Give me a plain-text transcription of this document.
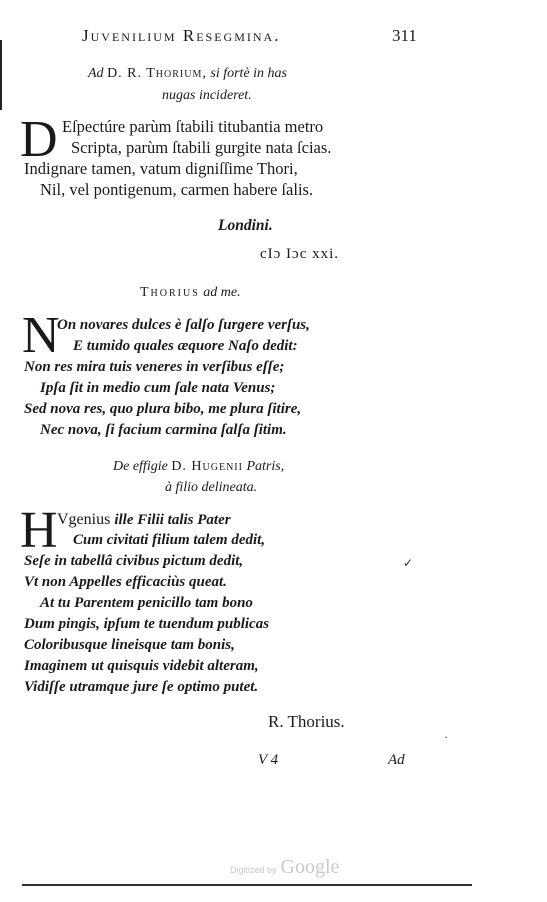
Juvenilium Resegmina.	311
Ad D. R. Thorium, si fortè in has
nugas incideret.
D Eſpectúre parùm ſtabili titubantia metro
Scripta, parùm ſtabili gurgite nata ſcias.
Indignare tamen, vatum digniſſime Thori,
Nil, vel pontigenum, carmen habere ſalis.
Londini.
cIɔ Iɔc xxi.
Thorius ad me.
N
On novares dulces è ſalſo ſurgere verſus,
E tumido quales æquore Naſo dedit:
Non res mira tuis veneres in verſibus eſſe;
Ipſa ſit in medio cum ſale nata Venus;
Sed nova res, quo plura bibo, me plura ſitire,
Nec nova, ſi facium carmina ſalſa ſitim.
De effigie D. Hugenii Patris,
à filio delineata.
H Vgenius ille Filii talis Pater
Cum civitati filium talem dedit,
Seſe in tabellâ civibus pictum dedit,
Vt non Appelles efficaciùs queat.
At tu Parentem penicillo tam bono
Dum pingis, ipſum te tuendum publicas
Coloribusque lineisque tam bonis,
Imaginem ut quisquis videbit alteram,
Vidiſſe utramque jure ſe optimo putet.
R. Thorius.
V 4	Ad
✓
·
Digitized by Google
